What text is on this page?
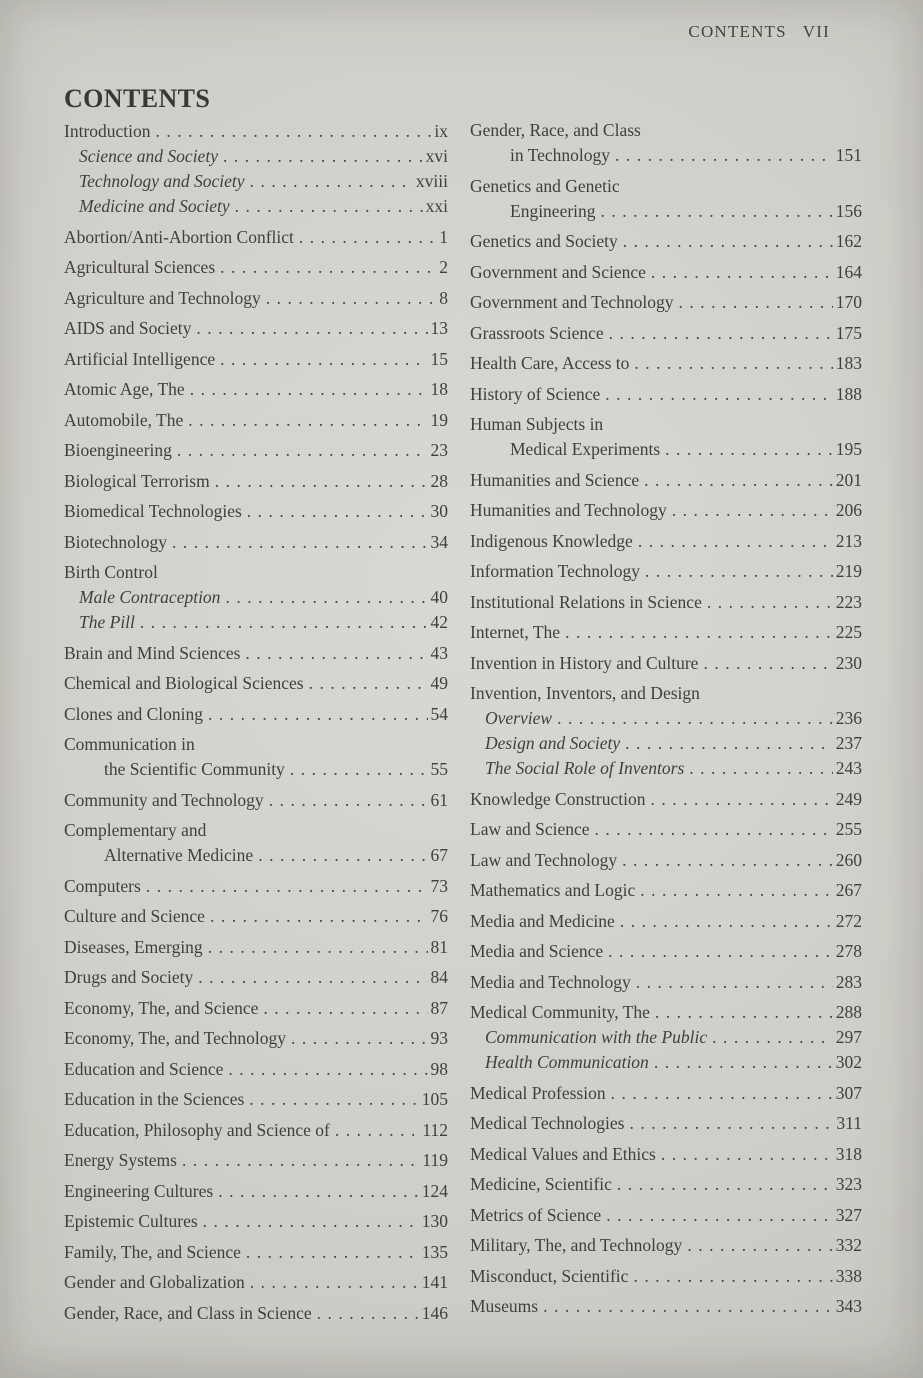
CONTENTS VII
CONTENTS
Introduction .....	ix
Science and Society .....	xvi
Technology and Society .....	xviii
Medicine and Society .....	xxi
Abortion/Anti-Abortion Conflict .....	1
Agricultural Sciences .....	2
Agriculture and Technology .....	8
AIDS and Society .....	13
Artificial Intelligence .....	15
Atomic Age, The .....	18
Automobile, The .....	19
Bioengineering .....	23
Biological Terrorism .....	28
Biomedical Technologies .....	30
Biotechnology .....	34
Birth Control
Male Contraception .....	40
The Pill .....	42
Brain and Mind Sciences .....	43
Chemical and Biological Sciences .....	49
Clones and Cloning .....	54
Communication in
the Scientific Community .....	55
Community and Technology .....	61
Complementary and
Alternative Medicine .....	67
Computers .....	73
Culture and Science .....	76
Diseases, Emerging .....	81
Drugs and Society .....	84
Economy, The, and Science .....	87
Economy, The, and Technology .....	93
Education and Science .....	98
Education in the Sciences .....	105
Education, Philosophy and Science of .....	112
Energy Systems .....	119
Engineering Cultures .....	124
Epistemic Cultures .....	130
Family, The, and Science .....	135
Gender and Globalization .....	141
Gender, Race, and Class in Science .....	146
Gender, Race, and Class
in Technology .....	151
Genetics and Genetic
Engineering .....	156
Genetics and Society .....	162
Government and Science .....	164
Government and Technology .....	170
Grassroots Science .....	175
Health Care, Access to .....	183
History of Science .....	188
Human Subjects in
Medical Experiments .....	195
Humanities and Science .....	201
Humanities and Technology .....	206
Indigenous Knowledge .....	213
Information Technology .....	219
Institutional Relations in Science .....	223
Internet, The .....	225
Invention in History and Culture .....	230
Invention, Inventors, and Design
Overview .....	236
Design and Society .....	237
The Social Role of Inventors .....	243
Knowledge Construction .....	249
Law and Science .....	255
Law and Technology .....	260
Mathematics and Logic .....	267
Media and Medicine .....	272
Media and Science .....	278
Media and Technology .....	283
Medical Community, The .....	288
Communication with the Public .....	297
Health Communication .....	302
Medical Profession .....	307
Medical Technologies .....	311
Medical Values and Ethics .....	318
Medicine, Scientific .....	323
Metrics of Science .....	327
Military, The, and Technology .....	332
Misconduct, Scientific .....	338
Museums .....	343
